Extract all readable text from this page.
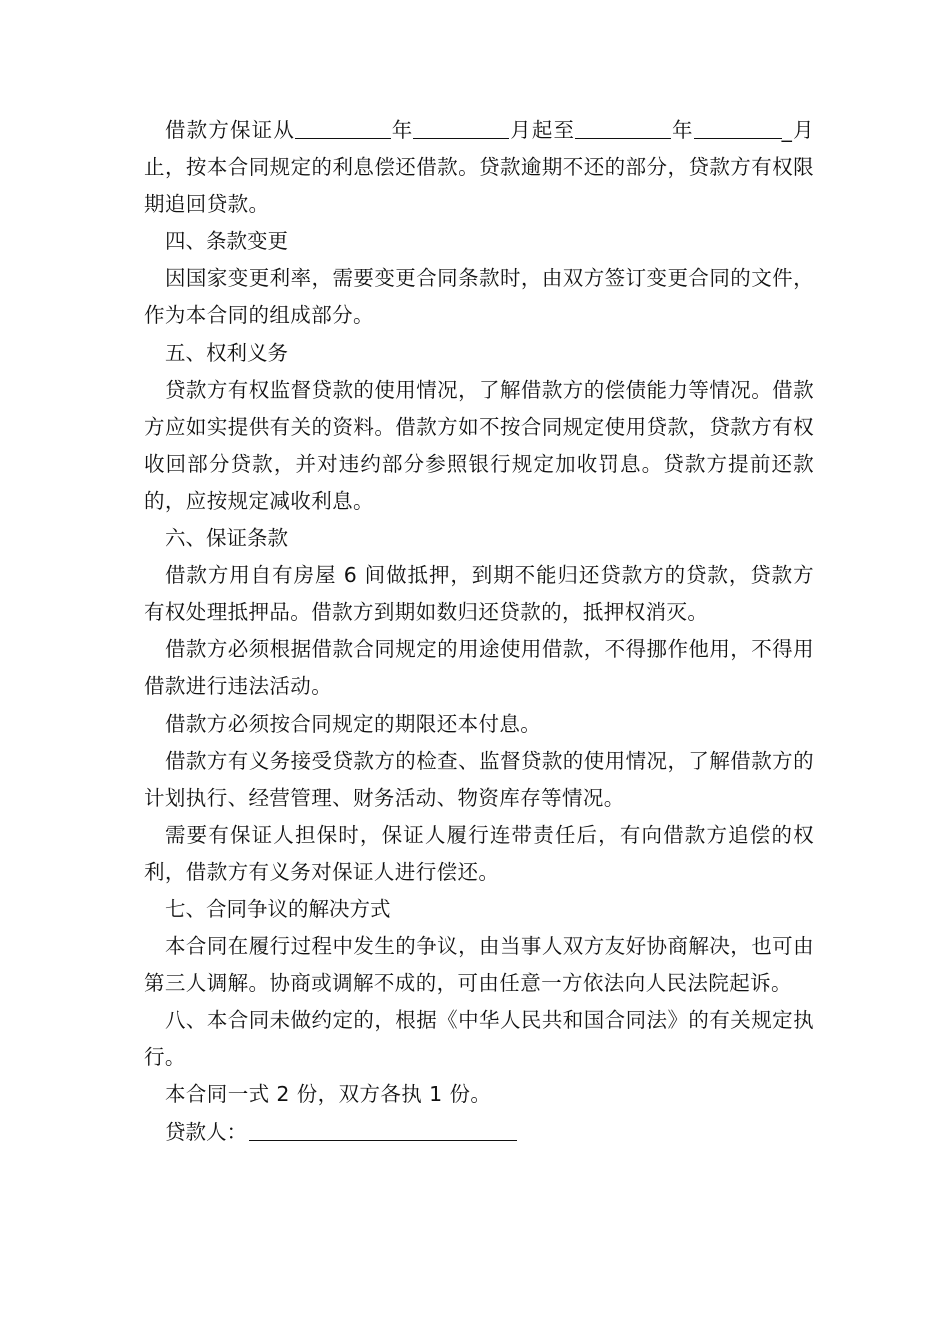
借款方保证从	年	月起至	年	_月止，按本合同规定的利息偿还借款。贷款逾期不还的部分，贷款方有权限期追回贷款。

四、条款变更

因国家变更利率，需要变更合同条款时，由双方签订变更合同的文件，作为本合同的组成部分。

五、权利义务

贷款方有权监督贷款的使用情况，了解借款方的偿债能力等情况。借款方应如实提供有关的资料。借款方如不按合同规定使用贷款，贷款方有权收回部分贷款，并对违约部分参照银行规定加收罚息。贷款方提前还款的，应按规定减收利息。

六、保证条款

借款方用自有房屋 6 间做抵押，到期不能归还贷款方的贷款，贷款方有权处理抵押品。借款方到期如数归还贷款的，抵押权消灭。

借款方必须根据借款合同规定的用途使用借款，不得挪作他用，不得用借款进行违法活动。

借款方必须按合同规定的期限还本付息。

借款方有义务接受贷款方的检查、监督贷款的使用情况，了解借款方的计划执行、经营管理、财务活动、物资库存等情况。

需要有保证人担保时，保证人履行连带责任后，有向借款方追偿的权利，借款方有义务对保证人进行偿还。

七、合同争议的解决方式

本合同在履行过程中发生的争议，由当事人双方友好协商解决，也可由第三人调解。协商或调解不成的，可由任意一方依法向人民法院起诉。

八、本合同未做约定的，根据《中华人民共和国合同法》的有关规定执行。

本合同一式 2 份，双方各执 1 份。

贷款人：
